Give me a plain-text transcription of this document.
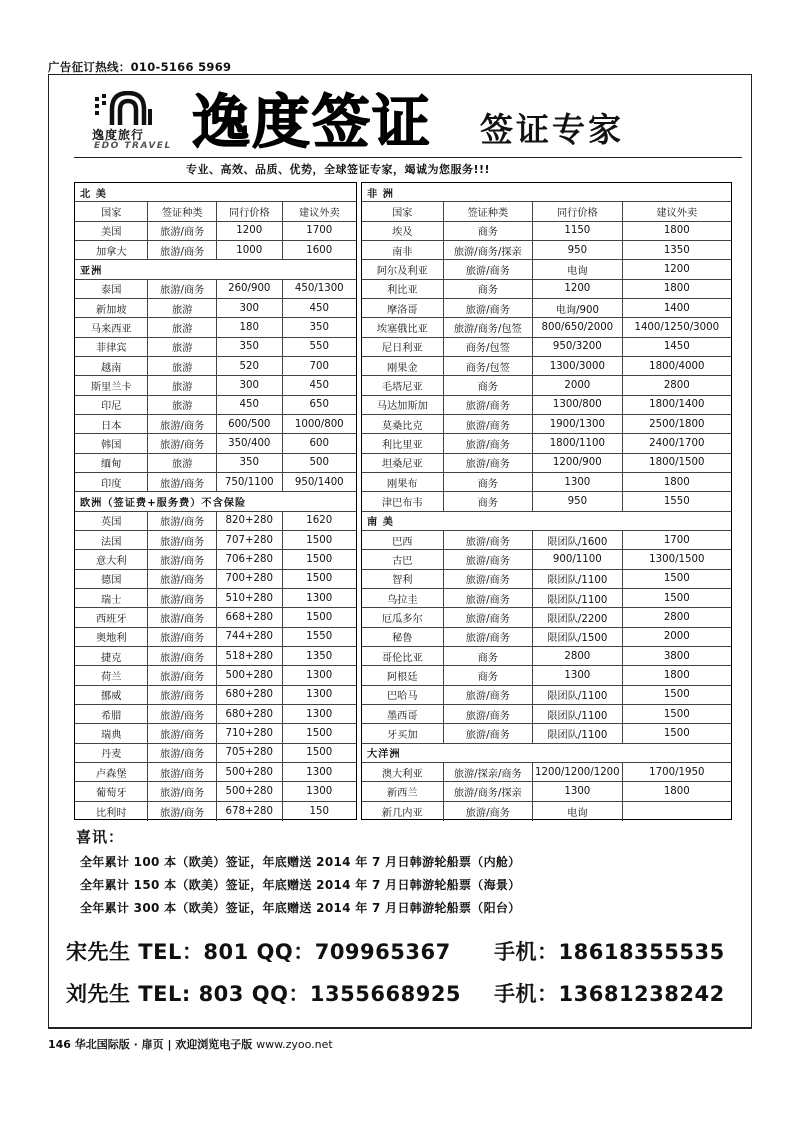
广告征订热线：010-5166 5969
逸度旅行
EDO TRAVEL 逸度签证 签证专家
专业、高效、品质、优势，全球签证专家，竭诚为您服务!!!
北 美
国家	签证种类	同行价格	建议外卖
美国	旅游/商务	1200	1700
加拿大	旅游/商务	1000	1600
亚洲
泰国	旅游/商务	260/900	450/1300
新加坡	旅游	300	450
马来西亚	旅游	180	350
菲律宾	旅游	350	550
越南	旅游	520	700
斯里兰卡	旅游	300	450
印尼	旅游	450	650
日本	旅游/商务	600/500	1000/800
韩国	旅游/商务	350/400	600
缅甸	旅游	350	500
印度	旅游/商务	750/1100	950/1400
欧洲（签证费+服务费）不含保险
英国	旅游/商务	820+280	1620
法国	旅游/商务	707+280	1500
意大利	旅游/商务	706+280	1500
德国	旅游/商务	700+280	1500
瑞士	旅游/商务	510+280	1300
西班牙	旅游/商务	668+280	1500
奥地利	旅游/商务	744+280	1550
捷克	旅游/商务	518+280	1350
荷兰	旅游/商务	500+280	1300
挪威	旅游/商务	680+280	1300
希腊	旅游/商务	680+280	1300
瑞典	旅游/商务	710+280	1500
丹麦	旅游/商务	705+280	1500
卢森堡	旅游/商务	500+280	1300
葡萄牙	旅游/商务	500+280	1300
比利时	旅游/商务	678+280	150
非 洲
国家	签证种类	同行价格	建议外卖
埃及	商务	1150	1800
南非	旅游/商务/探亲	950	1350
阿尔及利亚	旅游/商务	电询	1200
利比亚	商务	1200	1800
摩洛哥	旅游/商务	电询/900	1400
埃塞俄比亚	旅游/商务/包签	800/650/2000	1400/1250/3000
尼日利亚	商务/包签	950/3200	1450
刚果金	商务/包签	1300/3000	1800/4000
毛塔尼亚	商务	2000	2800
马达加斯加	旅游/商务	1300/800	1800/1400
莫桑比克	旅游/商务	1900/1300	2500/1800
利比里亚	旅游/商务	1800/1100	2400/1700
坦桑尼亚	旅游/商务	1200/900	1800/1500
刚果布	商务	1300	1800
津巴布韦	商务	950	1550
南 美
巴西	旅游/商务	限团队/1600	1700
古巴	旅游/商务	900/1100	1300/1500
智利	旅游/商务	限团队/1100	1500
乌拉圭	旅游/商务	限团队/1100	1500
厄瓜多尔	旅游/商务	限团队/2200	2800
秘鲁	旅游/商务	限团队/1500	2000
哥伦比亚	商务	2800	3800
阿根廷	商务	1300	1800
巴哈马	旅游/商务	限团队/1100	1500
墨西哥	旅游/商务	限团队/1100	1500
牙买加	旅游/商务	限团队/1100	1500
大洋洲
澳大利亚	旅游/探亲/商务	1200/1200/1200	1700/1950
新西兰	旅游/商务/探亲	1300	1800
新几内亚	旅游/商务	电询
喜讯：
全年累计 100 本（欧美）签证，年底赠送 2014 年 7 月日韩游轮船票（内舱）
全年累计 150 本（欧美）签证，年底赠送 2014 年 7 月日韩游轮船票（海景）
全年累计 300 本（欧美）签证，年底赠送 2014 年 7 月日韩游轮船票（阳台）
宋先生 TEL：801 QQ：709965367 手机：18618355535
刘先生 TEL: 803 QQ：1355668925 手机：13681238242
146 华北国际版 · 扉页 | 欢迎浏览电子版 www.zyoo.net
